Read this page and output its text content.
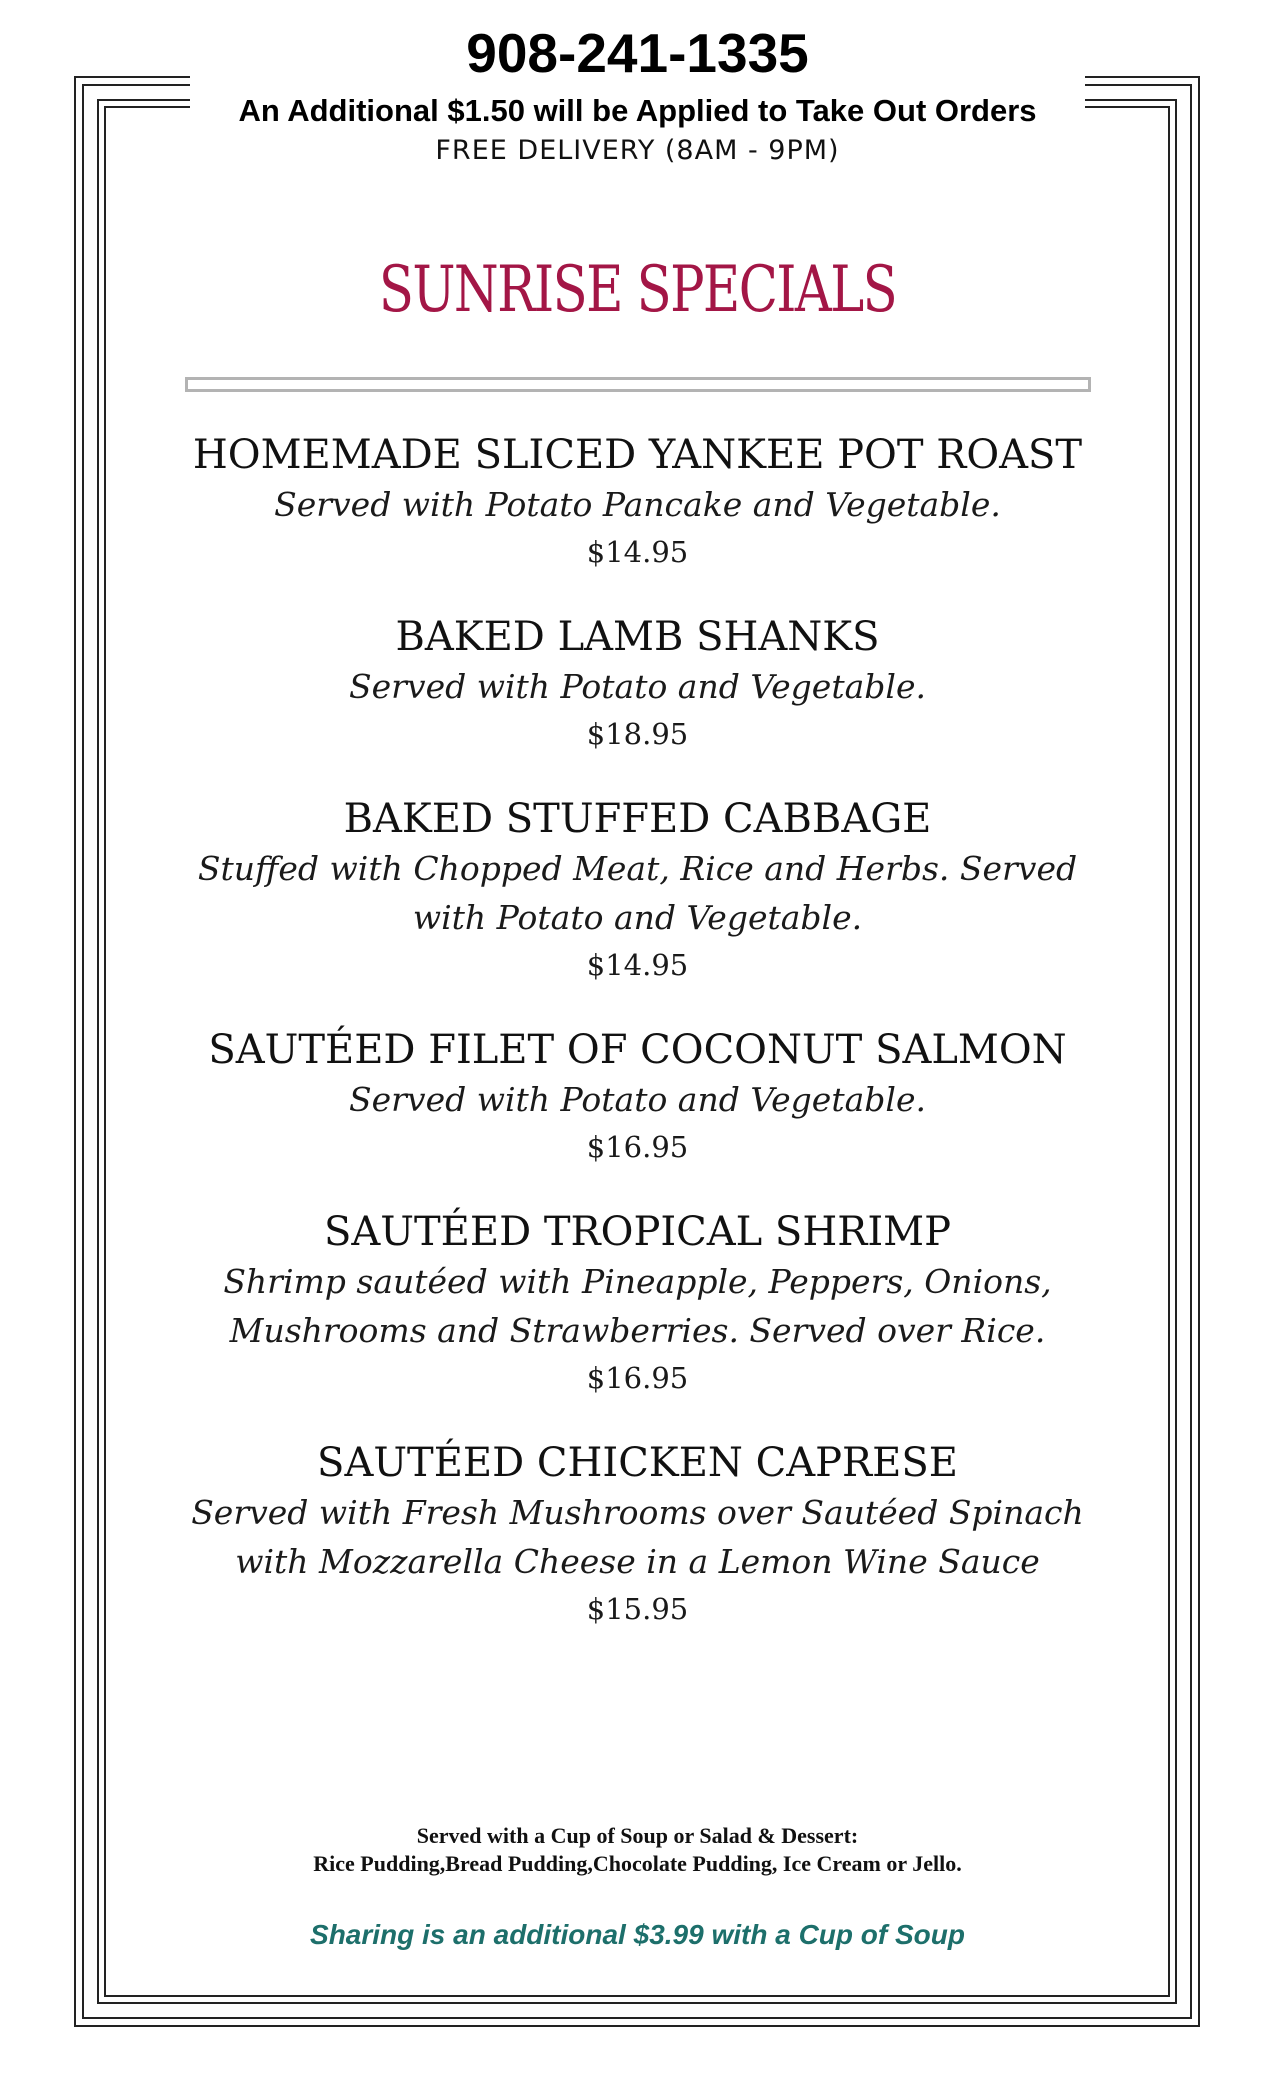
908-241-1335
An Additional $1.50 will be Applied to Take Out Orders
FREE DELIVERY (8AM - 9PM)
SUNRISE SPECIALS
HOMEMADE SLICED YANKEE POT ROAST
Served with Potato Pancake and Vegetable.
$14.95
BAKED LAMB SHANKS
Served with Potato and Vegetable.
$18.95
BAKED STUFFED CABBAGE
Stuffed with Chopped Meat, Rice and Herbs. Served with Potato and Vegetable.
$14.95
SAUTÉED FILET OF COCONUT SALMON
Served with Potato and Vegetable.
$16.95
SAUTÉED TROPICAL SHRIMP
Shrimp sautéed with Pineapple, Peppers, Onions, Mushrooms and Strawberries. Served over Rice.
$16.95
SAUTÉED CHICKEN CAPRESE
Served with Fresh Mushrooms over Sautéed Spinach with Mozzarella Cheese in a Lemon Wine Sauce
$15.95
Served with a Cup of Soup or Salad & Dessert:
Rice Pudding,Bread Pudding,Chocolate Pudding, Ice Cream or Jello.
Sharing is an additional $3.99 with a Cup of Soup
